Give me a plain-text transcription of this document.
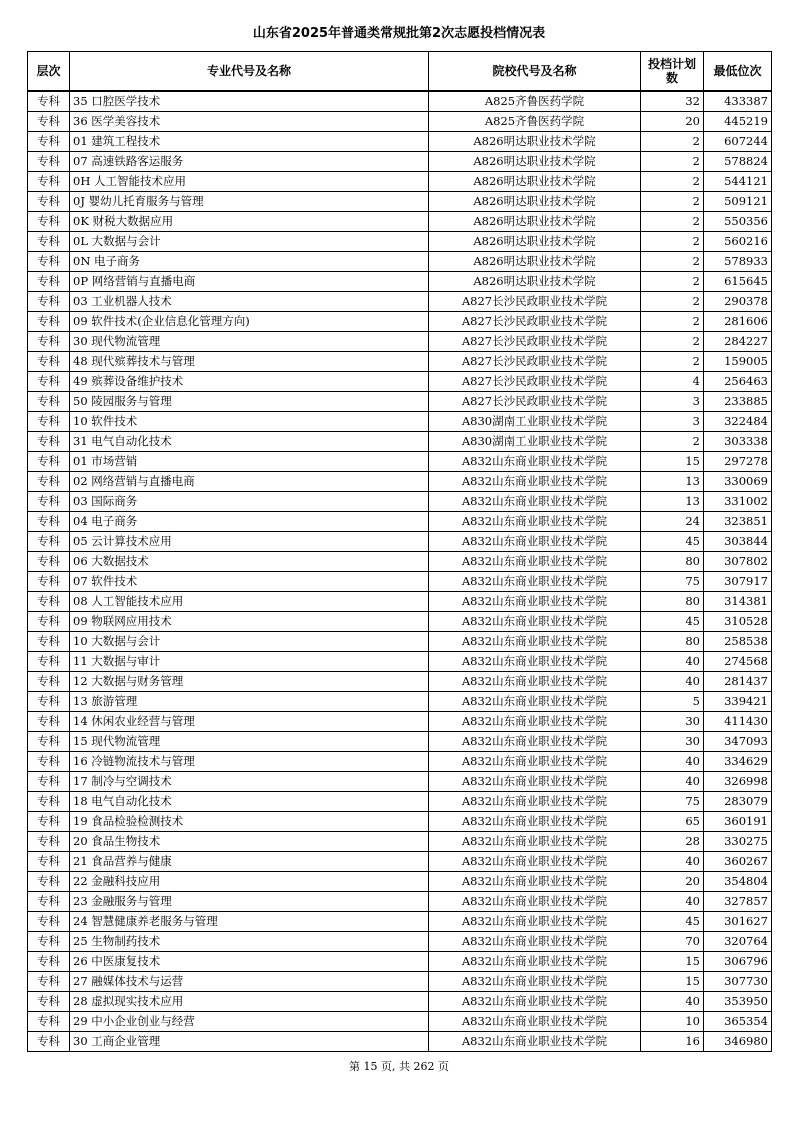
山东省2025年普通类常规批第2次志愿投档情况表
层次	专业代号及名称	院校代号及名称	投档计划数	最低位次
专科	35 口腔医学技术	A825齐鲁医药学院	32	433387
专科	36 医学美容技术	A825齐鲁医药学院	20	445219
专科	01 建筑工程技术	A826明达职业技术学院	2	607244
专科	07 高速铁路客运服务	A826明达职业技术学院	2	578824
专科	0H 人工智能技术应用	A826明达职业技术学院	2	544121
专科	0J 婴幼儿托育服务与管理	A826明达职业技术学院	2	509121
专科	0K 财税大数据应用	A826明达职业技术学院	2	550356
专科	0L 大数据与会计	A826明达职业技术学院	2	560216
专科	0N 电子商务	A826明达职业技术学院	2	578933
专科	0P 网络营销与直播电商	A826明达职业技术学院	2	615645
专科	03 工业机器人技术	A827长沙民政职业技术学院	2	290378
专科	09 软件技术(企业信息化管理方向)	A827长沙民政职业技术学院	2	281606
专科	30 现代物流管理	A827长沙民政职业技术学院	2	284227
专科	48 现代殡葬技术与管理	A827长沙民政职业技术学院	2	159005
专科	49 殡葬设备维护技术	A827长沙民政职业技术学院	4	256463
专科	50 陵园服务与管理	A827长沙民政职业技术学院	3	233885
专科	10 软件技术	A830湖南工业职业技术学院	3	322484
专科	31 电气自动化技术	A830湖南工业职业技术学院	2	303338
专科	01 市场营销	A832山东商业职业技术学院	15	297278
专科	02 网络营销与直播电商	A832山东商业职业技术学院	13	330069
专科	03 国际商务	A832山东商业职业技术学院	13	331002
专科	04 电子商务	A832山东商业职业技术学院	24	323851
专科	05 云计算技术应用	A832山东商业职业技术学院	45	303844
专科	06 大数据技术	A832山东商业职业技术学院	80	307802
专科	07 软件技术	A832山东商业职业技术学院	75	307917
专科	08 人工智能技术应用	A832山东商业职业技术学院	80	314381
专科	09 物联网应用技术	A832山东商业职业技术学院	45	310528
专科	10 大数据与会计	A832山东商业职业技术学院	80	258538
专科	11 大数据与审计	A832山东商业职业技术学院	40	274568
专科	12 大数据与财务管理	A832山东商业职业技术学院	40	281437
专科	13 旅游管理	A832山东商业职业技术学院	5	339421
专科	14 休闲农业经营与管理	A832山东商业职业技术学院	30	411430
专科	15 现代物流管理	A832山东商业职业技术学院	30	347093
专科	16 冷链物流技术与管理	A832山东商业职业技术学院	40	334629
专科	17 制冷与空调技术	A832山东商业职业技术学院	40	326998
专科	18 电气自动化技术	A832山东商业职业技术学院	75	283079
专科	19 食品检验检测技术	A832山东商业职业技术学院	65	360191
专科	20 食品生物技术	A832山东商业职业技术学院	28	330275
专科	21 食品营养与健康	A832山东商业职业技术学院	40	360267
专科	22 金融科技应用	A832山东商业职业技术学院	20	354804
专科	23 金融服务与管理	A832山东商业职业技术学院	40	327857
专科	24 智慧健康养老服务与管理	A832山东商业职业技术学院	45	301627
专科	25 生物制药技术	A832山东商业职业技术学院	70	320764
专科	26 中医康复技术	A832山东商业职业技术学院	15	306796
专科	27 融媒体技术与运营	A832山东商业职业技术学院	15	307730
专科	28 虚拟现实技术应用	A832山东商业职业技术学院	40	353950
专科	29 中小企业创业与经营	A832山东商业职业技术学院	10	365354
专科	30 工商企业管理	A832山东商业职业技术学院	16	346980
第 15 页, 共 262 页
